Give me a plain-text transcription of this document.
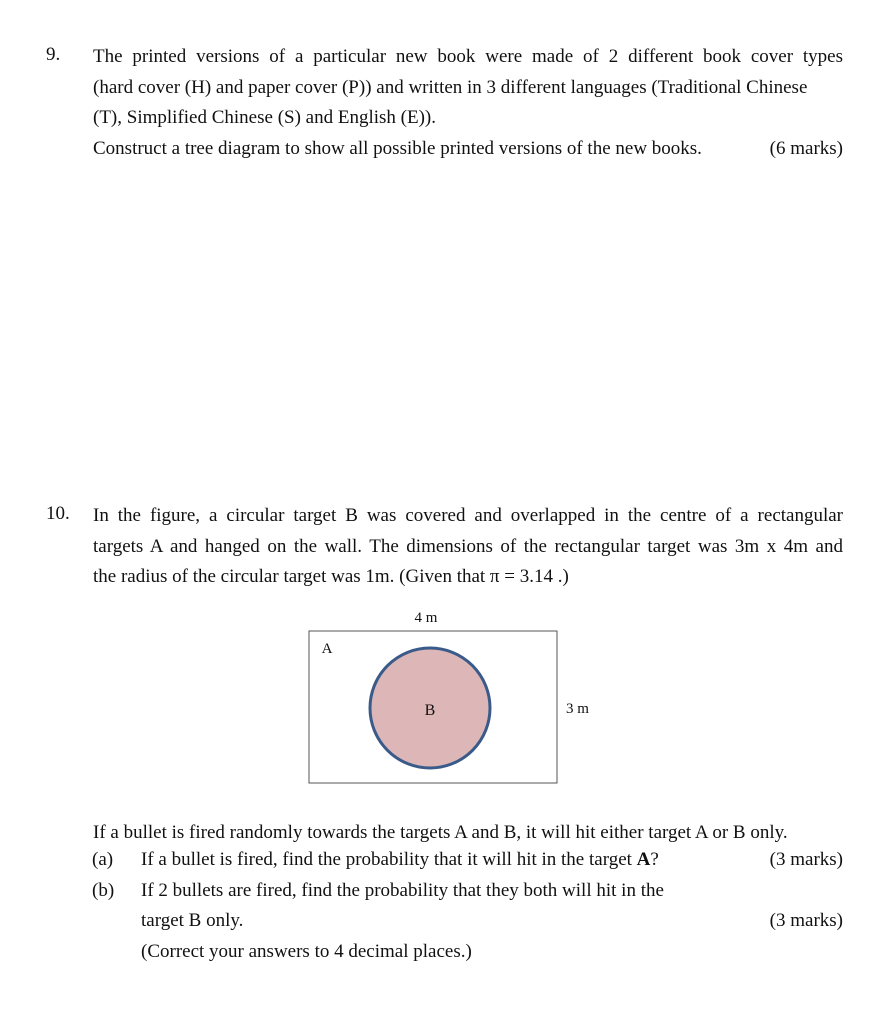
9. The printed versions of a particular new book were made of 2 different book cover types
(hard cover (H) and paper cover (P)) and written in 3 different languages (Traditional Chinese
(T), Simplified Chinese (S) and English (E)).
Construct a tree diagram to show all possible printed versions of the new books.	(6 marks)
10. In the figure, a circular target B was covered and overlapped in the centre of a rectangular
targets A and hanged on the wall. The dimensions of the rectangular target was 3m x 4m and
the radius of the circular target was 1m. (Given that π = 3.14 .)
4 m
A
B	3 m
If a bullet is fired randomly towards the targets A and B, it will hit either target A or B only.
(a) If a bullet is fired, find the probability that it will hit in the target A?	(3 marks)
(b) If 2 bullets are fired, find the probability that they both will hit in the
target B only.	(3 marks)
(Correct your answers to 4 decimal places.)
